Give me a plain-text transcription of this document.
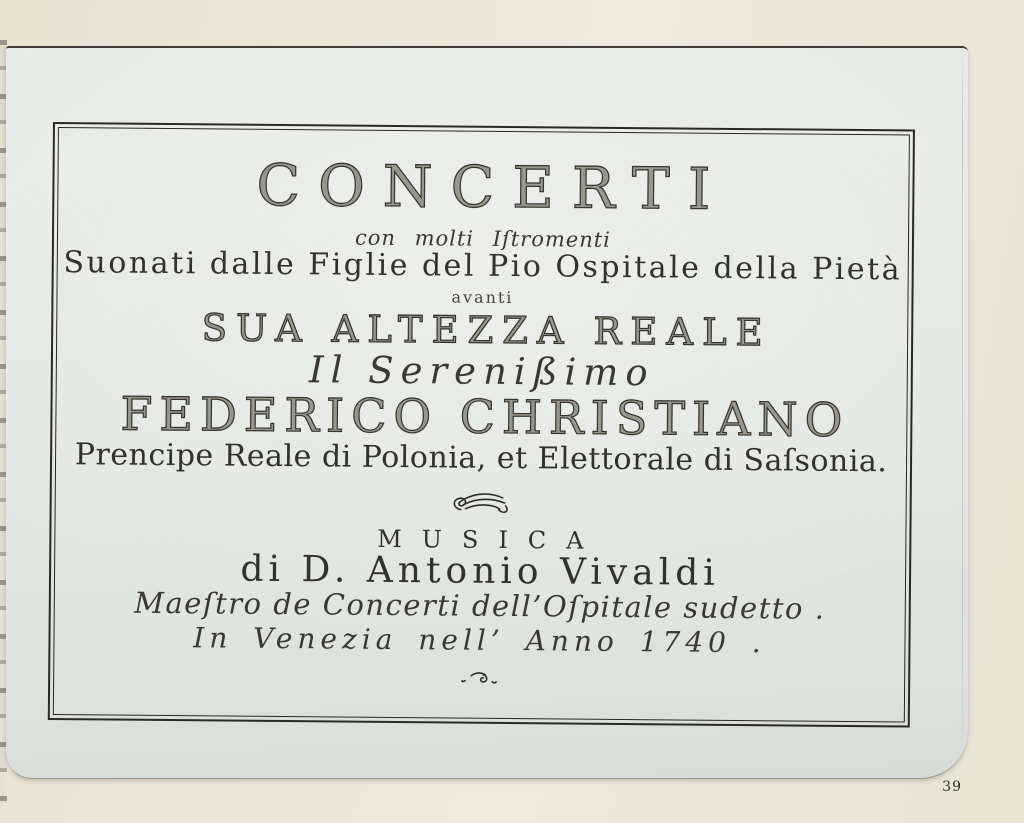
CONCERTI
con molti Iſtromenti
Suonati dalle Figlie del Pio Ospitale della Pietà
avanti
SUA ALTEZZA REALE
Il Serenißimo
FEDERICO CHRISTIANO
Prencipe Reale di Polonia, et Elettorale di Saſsonia.
MUSICA
di D. Antonio Vivaldi
Maeſtro de Concerti dell’Oſpitale sudetto .
In Venezia nell’ Anno 1740 .
39
